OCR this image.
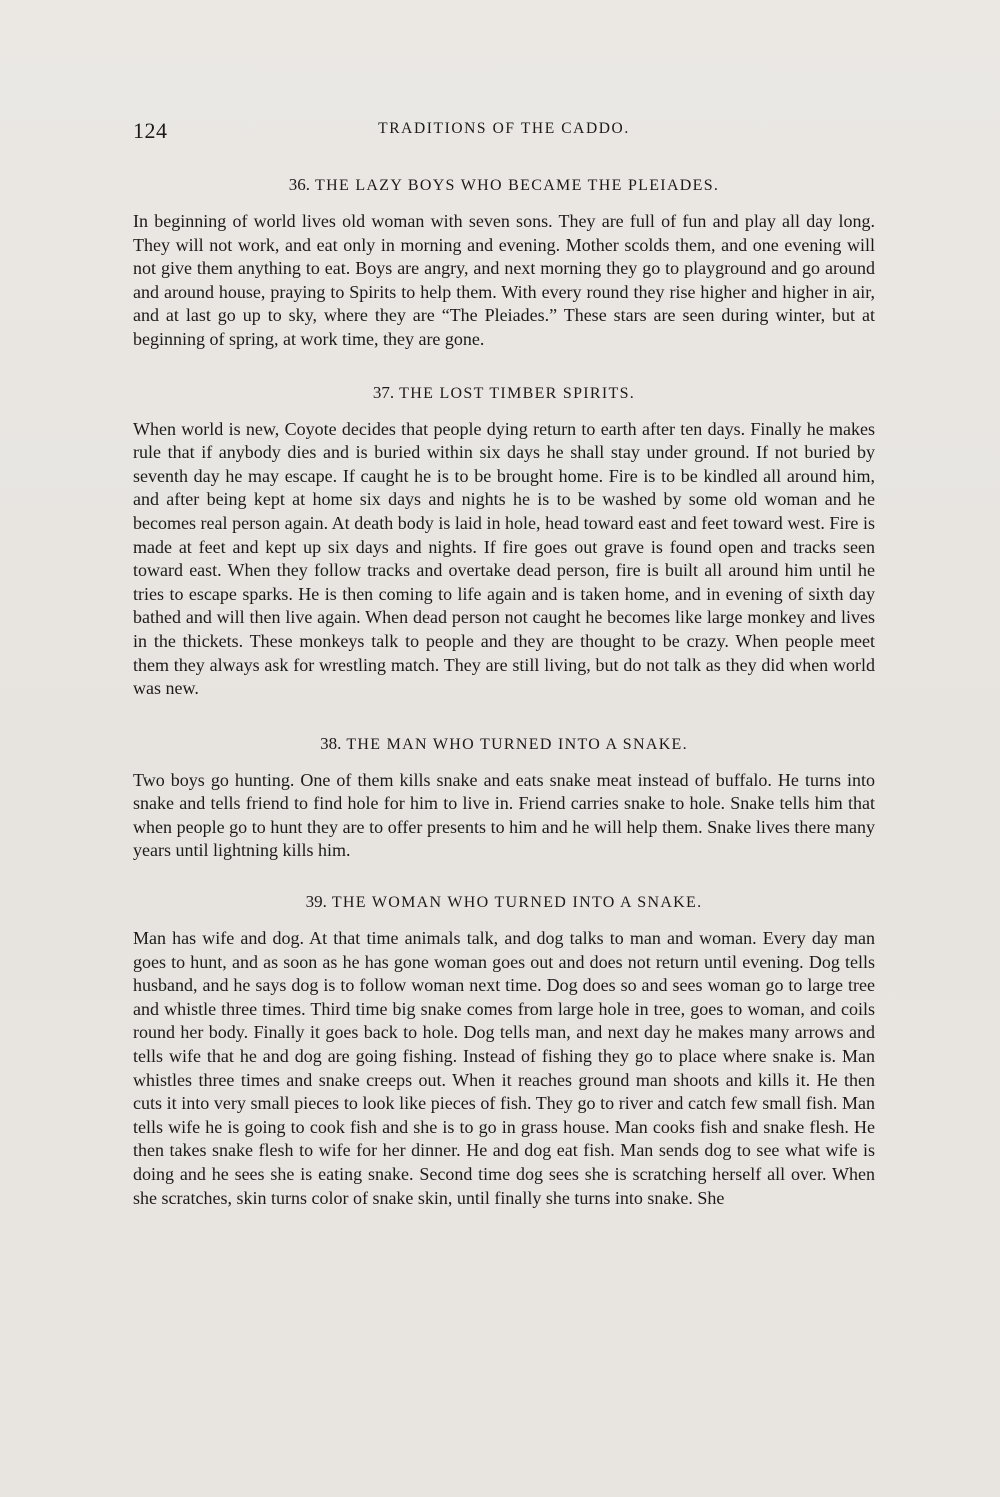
124	TRADITIONS OF THE CADDO.
36. THE LAZY BOYS WHO BECAME THE PLEIADES.

In beginning of world lives old woman with seven sons. They are full of fun and play all day long. They will not work, and eat only in morning and evening. Mother scolds them, and one evening will not give them anything to eat. Boys are angry, and next morning they go to playground and go around and around house, praying to Spirits to help them. With every round they rise higher and higher in air, and at last go up to sky, where they are “The Pleiades.” These stars are seen during winter, but at beginning of spring, at work time, they are gone.

37. THE LOST TIMBER SPIRITS.

When world is new, Coyote decides that people dying return to earth after ten days. Finally he makes rule that if anybody dies and is buried within six days he shall stay under ground. If not buried by seventh day he may escape. If caught he is to be brought home. Fire is to be kindled all around him, and after being kept at home six days and nights he is to be washed by some old woman and he becomes real person again. At death body is laid in hole, head toward east and feet toward west. Fire is made at feet and kept up six days and nights. If fire goes out grave is found open and tracks seen toward east. When they follow tracks and overtake dead person, fire is built all around him until he tries to escape sparks. He is then coming to life again and is taken home, and in evening of sixth day bathed and will then live again. When dead person not caught he becomes like large monkey and lives in the thickets. These monkeys talk to people and they are thought to be crazy. When people meet them they always ask for wrestling match. They are still living, but do not talk as they did when world was new.

38. THE MAN WHO TURNED INTO A SNAKE.

Two boys go hunting. One of them kills snake and eats snake meat instead of buffalo. He turns into snake and tells friend to find hole for him to live in. Friend carries snake to hole. Snake tells him that when people go to hunt they are to offer presents to him and he will help them. Snake lives there many years until lightning kills him.

39. THE WOMAN WHO TURNED INTO A SNAKE.

Man has wife and dog. At that time animals talk, and dog talks to man and woman. Every day man goes to hunt, and as soon as he has gone woman goes out and does not return until evening. Dog tells husband, and he says dog is to follow woman next time. Dog does so and sees woman go to large tree and whistle three times. Third time big snake comes from large hole in tree, goes to woman, and coils round her body. Finally it goes back to hole. Dog tells man, and next day he makes many arrows and tells wife that he and dog are going fishing. Instead of fishing they go to place where snake is. Man whistles three times and snake creeps out. When it reaches ground man shoots and kills it. He then cuts it into very small pieces to look like pieces of fish. They go to river and catch few small fish. Man tells wife he is going to cook fish and she is to go in grass house. Man cooks fish and snake flesh. He then takes snake flesh to wife for her dinner. He and dog eat fish. Man sends dog to see what wife is doing and he sees she is eating snake. Second time dog sees she is scratching herself all over. When she scratches, skin turns color of snake skin, until finally she turns into snake. She
